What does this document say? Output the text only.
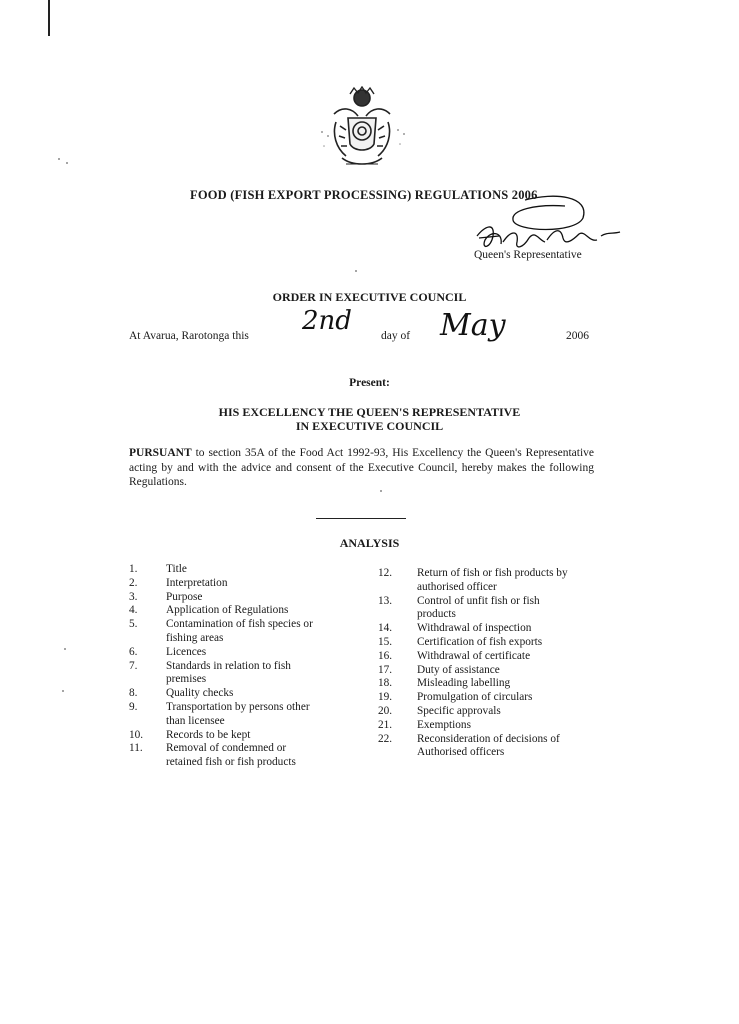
FOOD (FISH EXPORT PROCESSING) REGULATIONS 2006
Queen's Representative
ORDER IN EXECUTIVE COUNCIL
At Avarua, Rarotonga this 2nd	day of May	2006
Present:
HIS EXCELLENCY THE QUEEN'S REPRESENTATIVE
IN EXECUTIVE COUNCIL
PURSUANT to section 35A of the Food Act 1992-93, His Excellency the Queen's Representative acting by and with the advice and consent of the Executive Council, hereby makes the following Regulations.
ANALYSIS
1.	Title
2.	Interpretation
3.	Purpose
4.	Application of Regulations
5.	Contamination of fish species or
fishing areas
6.	Licences
7.	Standards in relation to fish
premises
8.	Quality checks
9.	Transportation by persons other
than licensee
10.	Records to be kept
11.	Removal of condemned or
retained fish or fish products
12.	Return of fish or fish products by
authorised officer
13.	Control of unfit fish or fish
products
14.	Withdrawal of inspection
15.	Certification of fish exports
16.	Withdrawal of certificate
17.	Duty of assistance
18.	Misleading labelling
19.	Promulgation of circulars
20.	Specific approvals
21.	Exemptions
22.	Reconsideration of decisions of
Authorised officers
